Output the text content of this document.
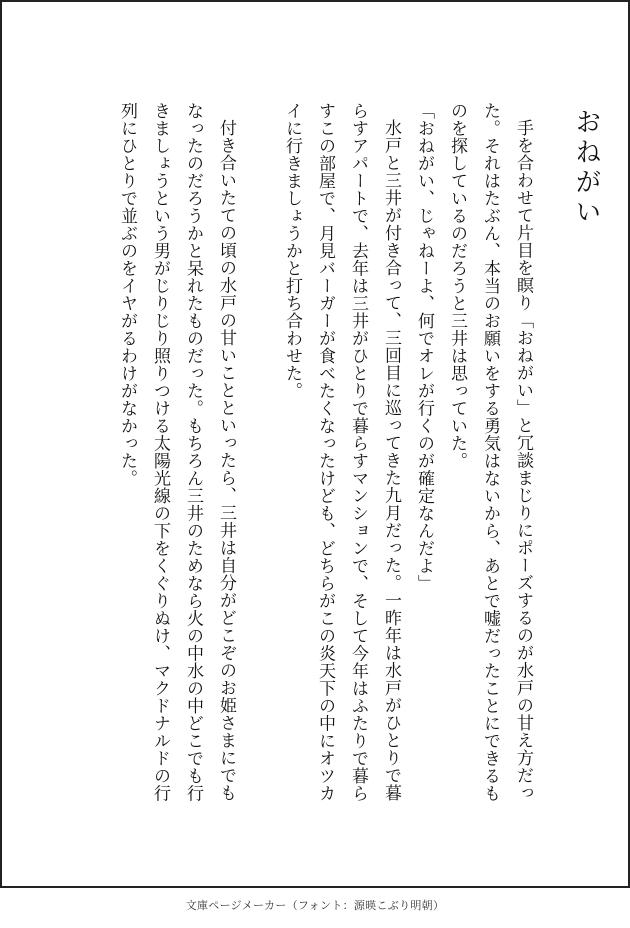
おねがい

手を合わせて片目を瞑り「おねがい」と冗談まじりにポーズするのが水戸の甘え方だった。それはたぶん、本当のお願いをする勇気はないから、あとで嘘だったことにできるものを探しているのだろうと三井は思っていた。

「おねがい、じゃねーよ、何でオレが行くのが確定なんだよ」

水戸と三井が付き合って、三回目に巡ってきた九月だった。一昨年は水戸がひとりで暮らすアパートで、去年は三井がひとりで暮らすマンションで、そして今年はふたりで暮らすこの部屋で、月見バーガーが食べたくなったけども、どちらがこの炎天下の中にオツカイに行きましょうかと打ち合わせた。

付き合いたての頃の水戸の甘いことといったら、三井は自分がどこぞのお姫さまにでもなったのだろうかと呆れたものだった。もちろん三井のためなら火の中水の中どこでも行きましょうという男がじりじり照りつける太陽光線の下をくぐりぬけ、マクドナルドの行列にひとりで並ぶのをイヤがるわけがなかった。

文庫ページメーカー（フォント：源暎こぶり明朝）
